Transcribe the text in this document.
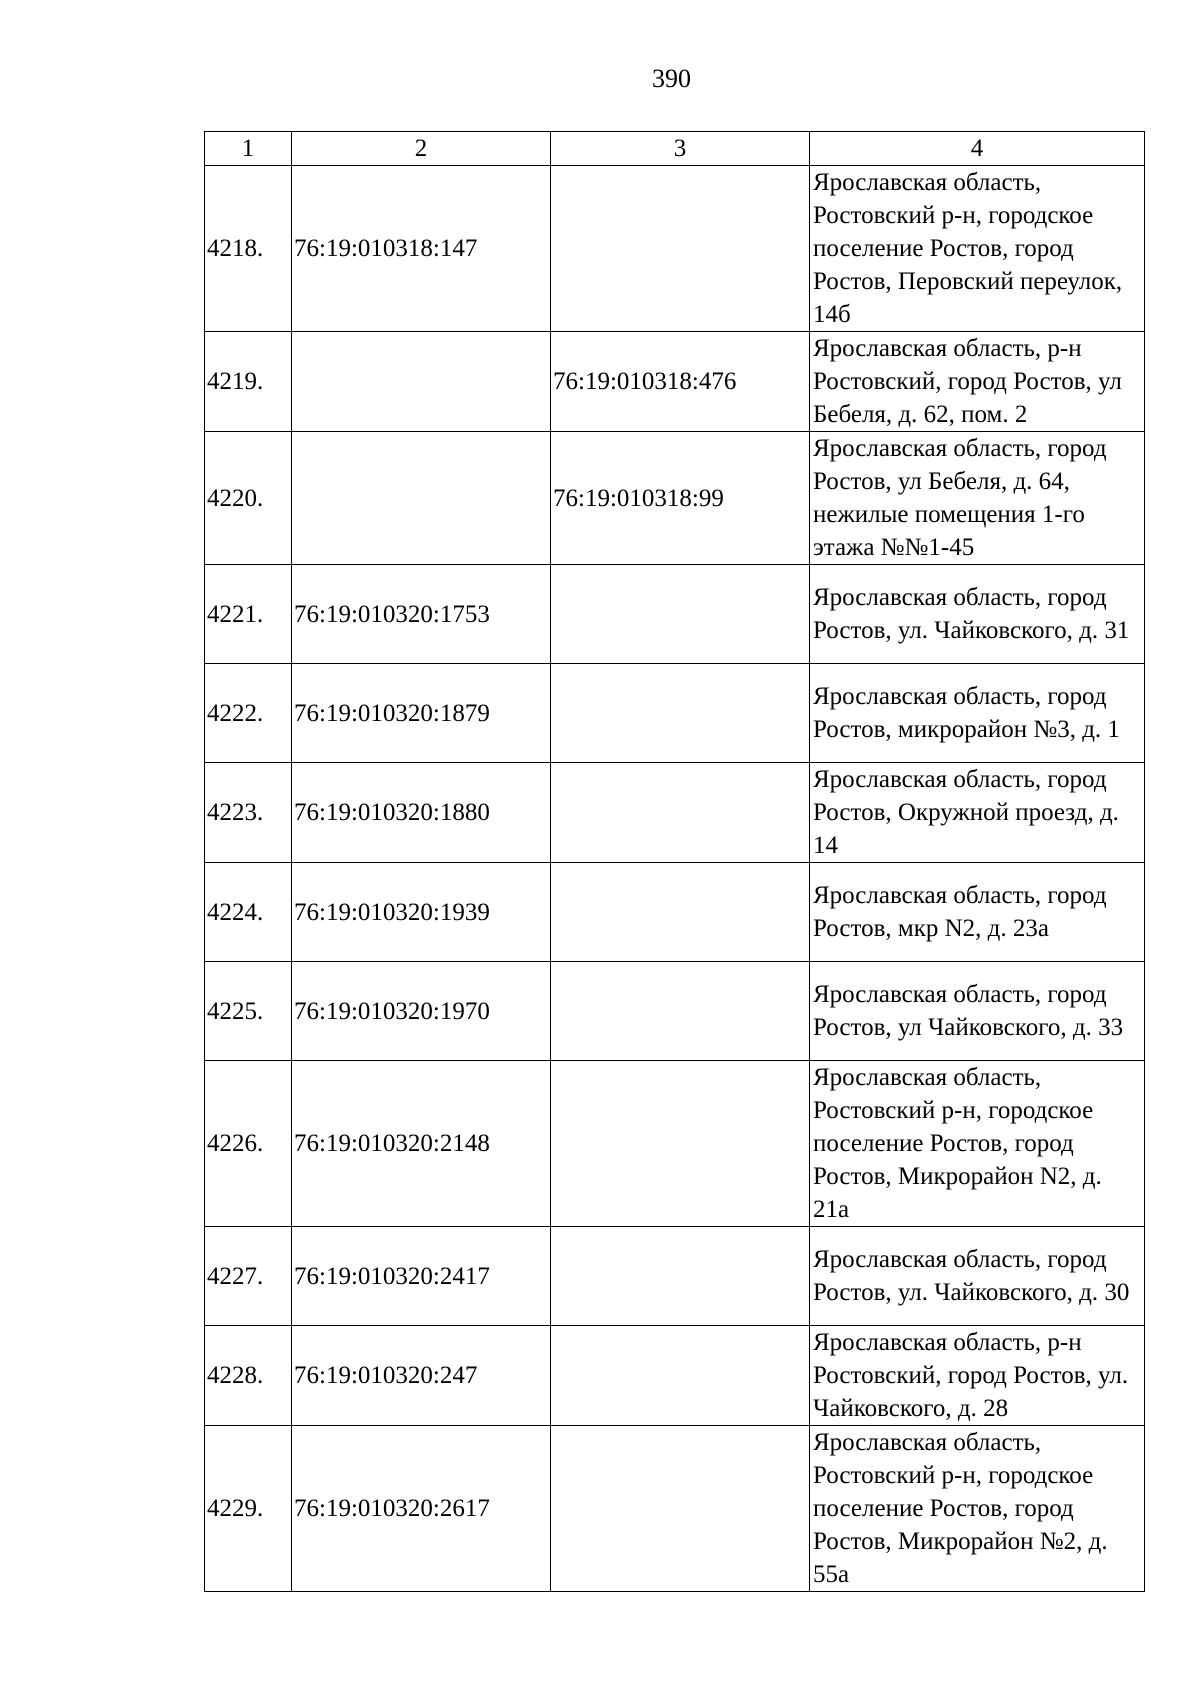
390
1	2	3	4
4218.	76:19:010318:147		Ярославская область, Ростовский р-н, городское поселение Ростов, город Ростов, Перовский переулок, 14б
4219.		76:19:010318:476	Ярославская область, р-н Ростовский, город Ростов, ул Бебеля, д. 62, пом. 2
4220.		76:19:010318:99	Ярославская область, город Ростов, ул Бебеля, д. 64, нежилые помещения 1-го этажа №№1-45
4221.	76:19:010320:1753		Ярославская область, город Ростов, ул. Чайковского, д. 31
4222.	76:19:010320:1879		Ярославская область, город Ростов, микрорайон №3, д. 1
4223.	76:19:010320:1880		Ярославская область, город Ростов, Окружной проезд, д. 14
4224.	76:19:010320:1939		Ярославская область, город Ростов, мкр N2, д. 23а
4225.	76:19:010320:1970		Ярославская область, город Ростов, ул Чайковского, д. 33
4226.	76:19:010320:2148		Ярославская область, Ростовский р-н, городское поселение Ростов, город Ростов, Микрорайон N2, д. 21а
4227.	76:19:010320:2417		Ярославская область, город Ростов, ул. Чайковского, д. 30
4228.	76:19:010320:247		Ярославская область, р-н Ростовский, город Ростов, ул. Чайковского, д. 28
4229.	76:19:010320:2617		Ярославская область, Ростовский р-н, городское поселение Ростов, город Ростов, Микрорайон №2, д. 55а
